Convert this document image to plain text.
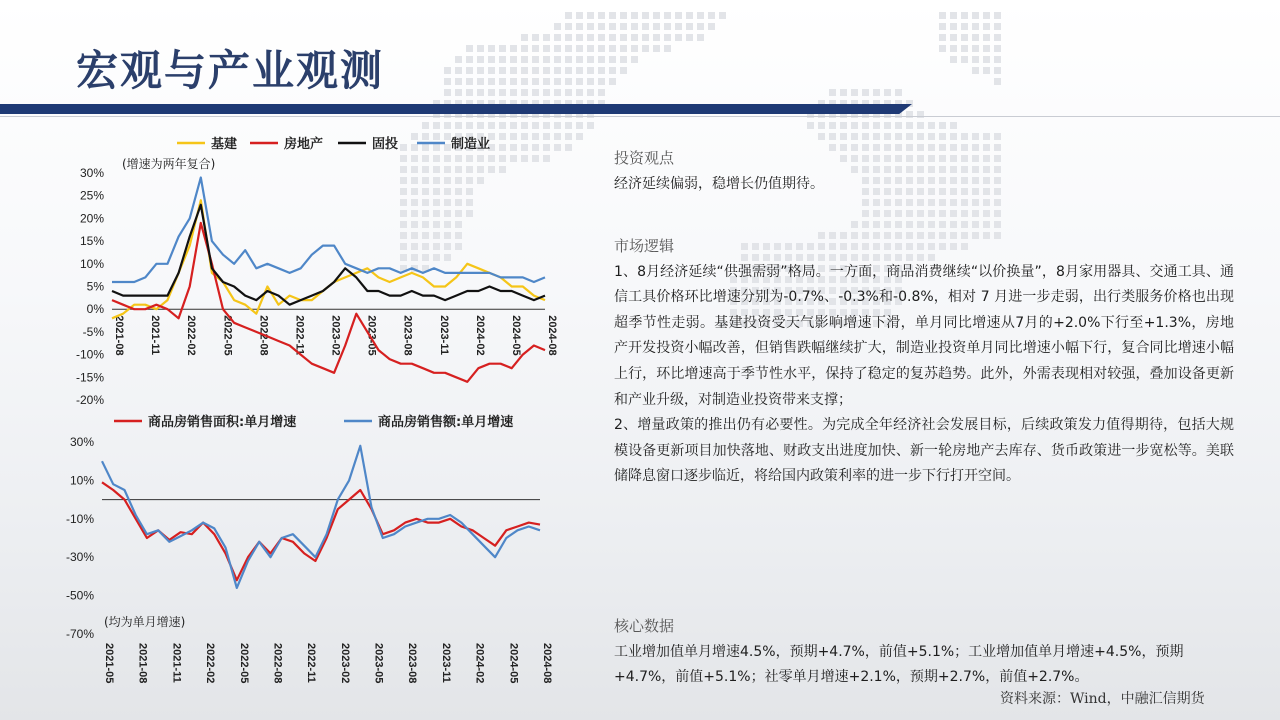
宏观与产业观测
30%
25%
20%
15%
10%
5%
0%
-5%
-10%
-15%
-20%
2021-08 2021-11 2022-02 2022-05 2022-08 2022-11 2023-02 2023-05 2023-08 2023-11 2024-02 2024-05 2024-08
基建	房地产	固投	制造业
(增速为两年复合)
30%
10%
-10%
-30%
-50%
-70%
2021-05 2021-08 2021-11 2022-02 2022-05 2022-08 2022-11 2023-02 2023-05 2023-08 2023-11 2024-02 2024-05 2024-08
商品房销售面积:单月增速	商品房销售额:单月增速
(均为单月增速)
投资观点
经济延续偏弱，稳增长仍值期待。
市场逻辑
1、8月经济延续“供强需弱”格局。一方面，商品消费继续“以价换量”，8月家用器具、交通工具、通信工具价格环比增速分别为-0.7%、-0.3%和-0.8%，相对 7 月进一步走弱，出行类服务价格也出现超季节性走弱。基建投资受天气影响增速下滑，单月同比增速从7月的+2.0%下行至+1.3%，房地产开发投资小幅改善，但销售跌幅继续扩大，制造业投资单月同比增速小幅下行，复合同比增速小幅上行，环比增速高于季节性水平，保持了稳定的复苏趋势。此外，外需表现相对较强，叠加设备更新和产业升级，对制造业投资带来支撑；
2、增量政策的推出仍有必要性。为完成全年经济社会发展目标，后续政策发力值得期待，包括大规模设备更新项目加快落地、财政支出进度加快、新一轮房地产去库存、货币政策进一步宽松等。美联储降息窗口逐步临近，将给国内政策利率的进一步下行打开空间。
核心数据
工业增加值单月增速4.5%，预期+4.7%，前值+5.1%；工业增加值单月增速+4.5%，预期+4.7%，前值+5.1%；社零单月增速+2.1%，预期+2.7%，前值+2.7%。
资料来源：Wind，中融汇信期货
